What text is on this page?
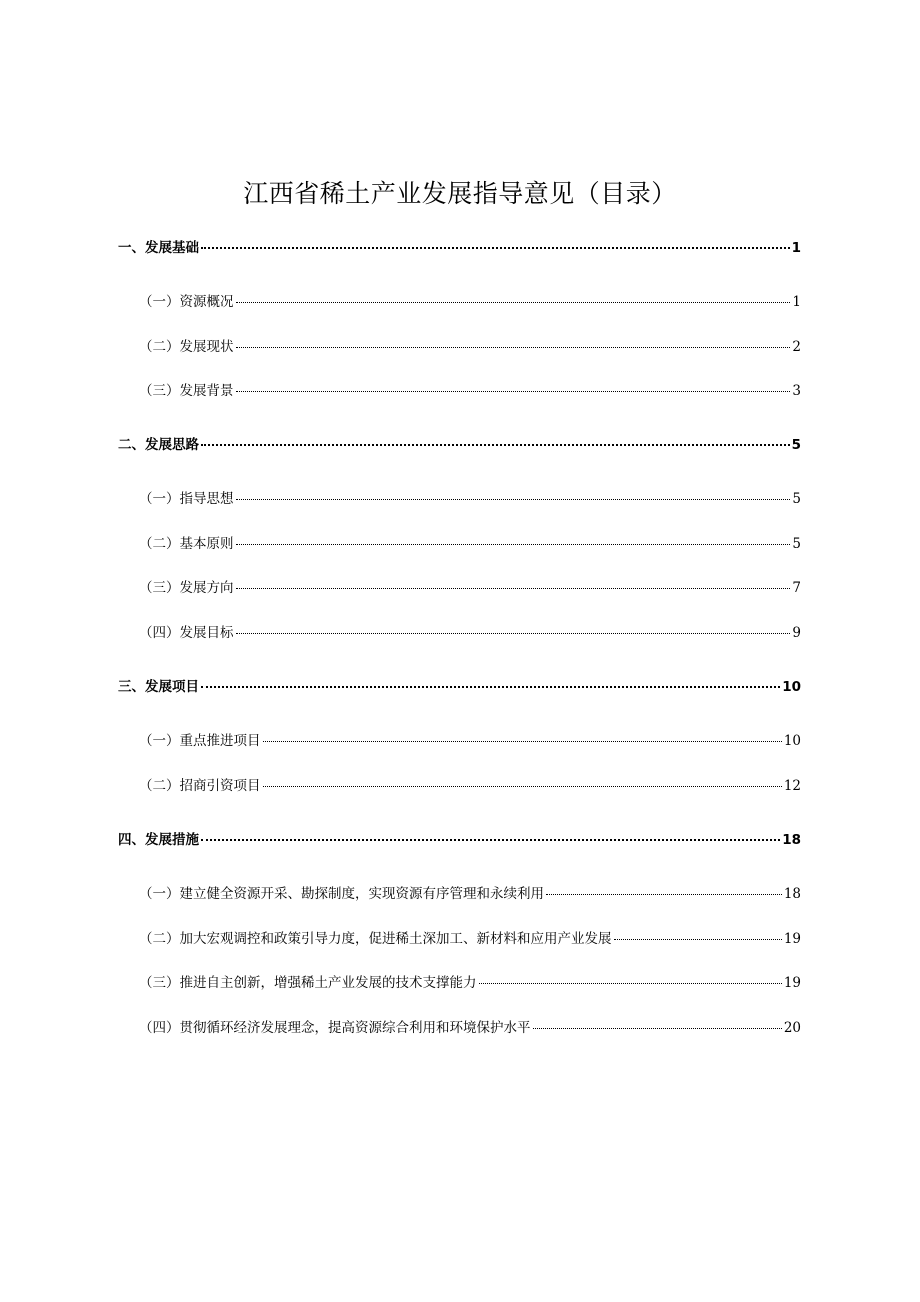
江西省稀土产业发展指导意见（目录）
一、发展基础	1
（一）资源概况	1
（二）发展现状	2
（三）发展背景	3
二、发展思路	5
（一）指导思想	5
（二）基本原则	5
（三）发展方向	7
（四）发展目标	9
三、发展项目	10
（一）重点推进项目	10
（二）招商引资项目	12
四、发展措施	18
（一）建立健全资源开采、勘探制度，实现资源有序管理和永续利用	18
（二）加大宏观调控和政策引导力度，促进稀土深加工、新材料和应用产业发展	19
（三）推进自主创新，增强稀土产业发展的技术支撑能力	19
（四）贯彻循环经济发展理念，提高资源综合利用和环境保护水平	20
